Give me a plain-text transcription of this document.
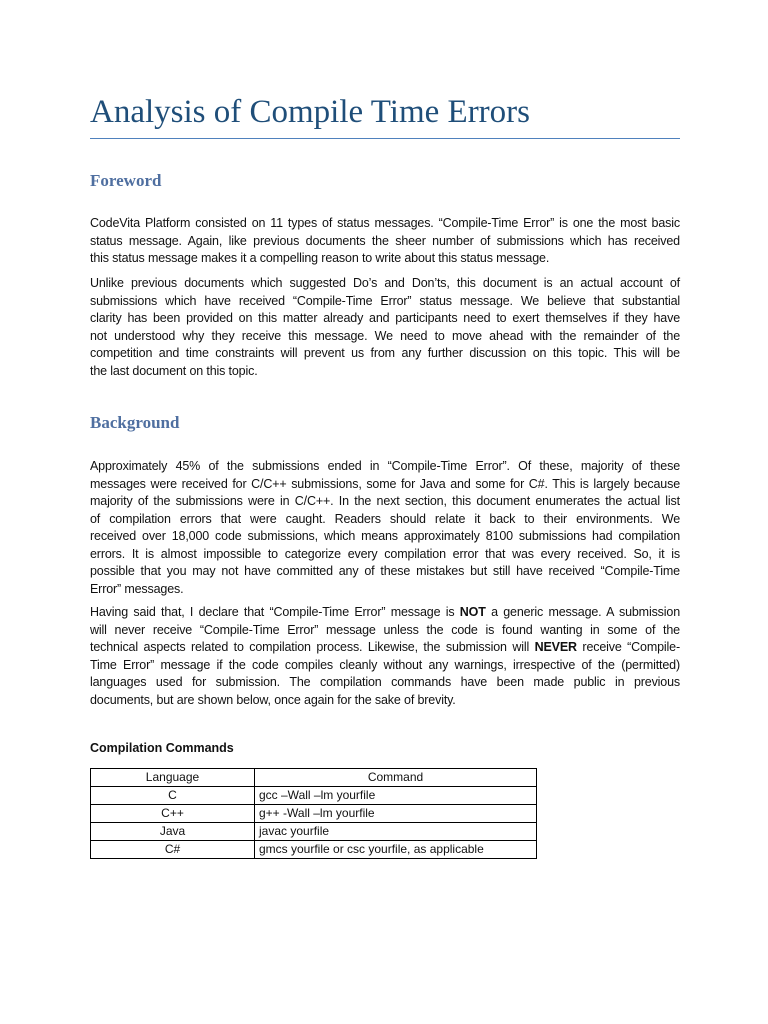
Analysis of Compile Time Errors
Foreword
CodeVita Platform consisted on 11 types of status messages. “Compile-Time Error” is one the most basic
status message. Again, like previous documents the sheer number of submissions which has received
this status message makes it a compelling reason to write about this status message.
Unlike previous documents which suggested Do’s and Don’ts, this document is an actual account of
submissions which have received “Compile-Time Error” status message. We believe that substantial
clarity has been provided on this matter already and participants need to exert themselves if they have
not understood why they receive this message. We need to move ahead with the remainder of the
competition and time constraints will prevent us from any further discussion on this topic. This will be
the last document on this topic.
Background
Approximately 45% of the submissions ended in “Compile-Time Error”. Of these, majority of these
messages were received for C/C++ submissions, some for Java and some for C#. This is largely because
majority of the submissions were in C/C++. In the next section, this document enumerates the actual list
of compilation errors that were caught. Readers should relate it back to their environments. We
received over 18,000 code submissions, which means approximately 8100 submissions had compilation
errors. It is almost impossible to categorize every compilation error that was every received. So, it is
possible that you may not have committed any of these mistakes but still have received “Compile-Time
Error” messages.
Having said that, I declare that “Compile-Time Error” message is NOT a generic message. A submission
will never receive “Compile-Time Error” message unless the code is found wanting in some of the
technical aspects related to compilation process. Likewise, the submission will NEVER receive “Compile-
Time Error” message if the code compiles cleanly without any warnings, irrespective of the (permitted)
languages used for submission. The compilation commands have been made public in previous
documents, but are shown below, once again for the sake of brevity.
Compilation Commands
Language	Command
C	gcc –Wall –lm yourfile
C++	g++ -Wall –lm yourfile
Java	javac yourfile
C#	gmcs yourfile or csc yourfile, as applicable
